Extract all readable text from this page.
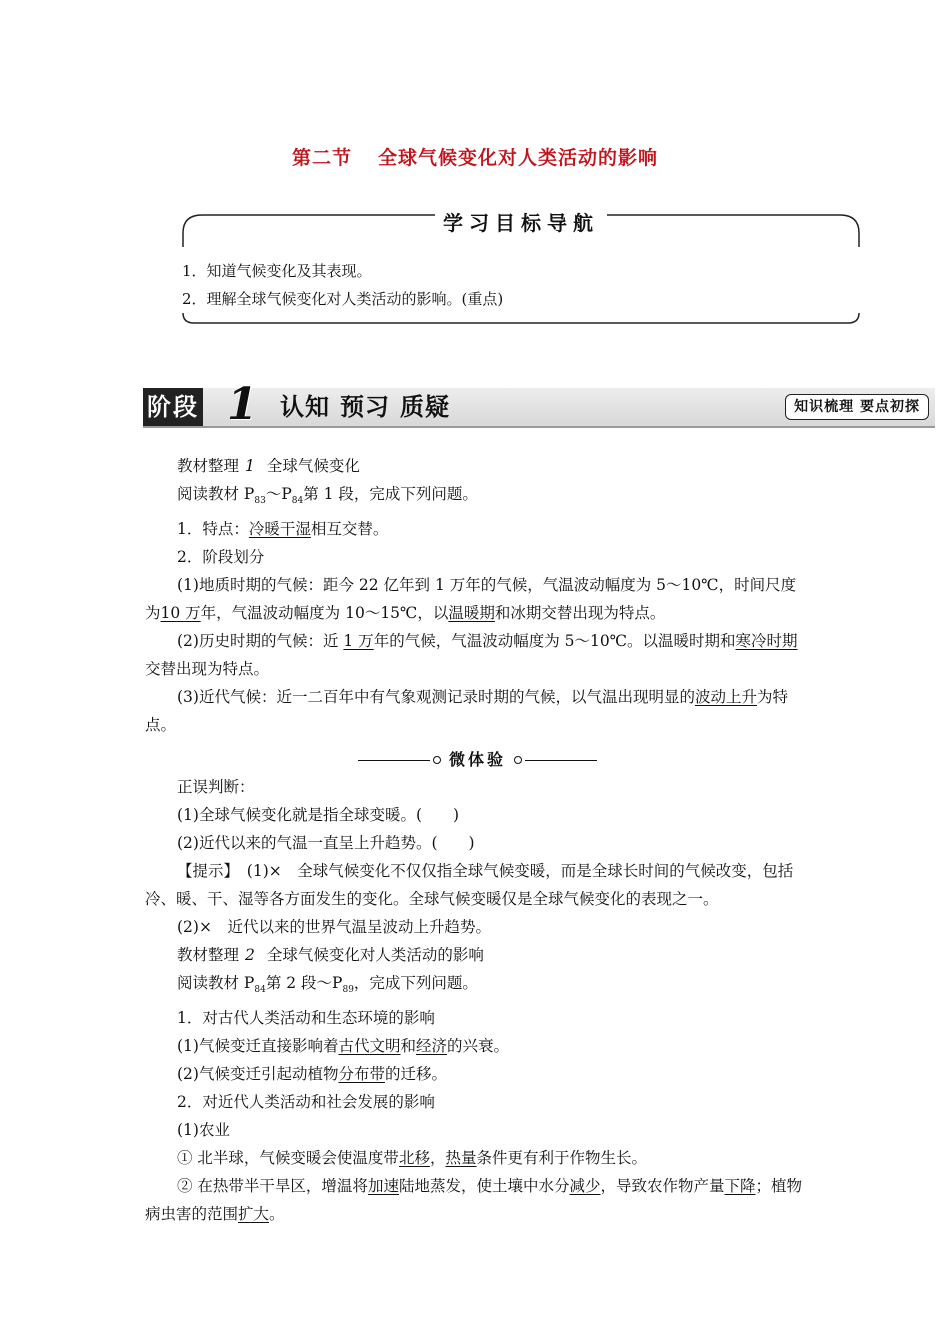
第二节 全球气候变化对人类活动的影响
学习目标导航
1．知道气候变化及其表现。
2．理解全球气候变化对人类活动的影响。(重点)
阶段 1 认知 预习 质疑	知识梳理 要点初探
教材整理 1 全球气候变化
阅读教材 $P_{83}\sim P_{84}$第 1 段，完成下列问题。
1．特点：冷暖干湿相互交替。
2．阶段划分
(1)地质时期的气候：距今 22 亿年到 1 万年的气候，气温波动幅度为 5～10℃，时间尺度为10 万年，气温波动幅度为 10～15℃，以温暖期和冰期交替出现为特点。
(2)历史时期的气候：近 1 万年的气候，气温波动幅度为 5～10℃。以温暖时期和寒冷时期交替出现为特点。
(3)近代气候：近一二百年中有气象观测记录时期的气候，以气温出现明显的波动上升为特点。
微体验
正误判断：
(1)全球气候变化就是指全球变暖。(　　)
(2)近代以来的气温一直呈上升趋势。(　　)
【提示】　 (1)×　全球气候变化不仅仅指全球气候变暖，而是全球长时间的气候改变，包括冷、暖、干、湿等各方面发生的变化。全球气候变暖仅是全球气候变化的表现之一。
(2)×　近代以来的世界气温呈波动上升趋势。
教材整理 2 全球气候变化对人类活动的影响
阅读教材 $P_{84}$第 2 段$\sim P_{89}$，完成下列问题。
1．对古代人类活动和生态环境的影响
(1)气候变迁直接影响着古代文明和经济的兴衰。
(2)气候变迁引起动植物分布带的迁移。
2．对近代人类活动和社会发展的影响
(1)农业
① 北半球，气候变暖会使温度带北移，热量条件更有利于作物生长。
② 在热带半干旱区，增温将加速陆地蒸发，使土壤中水分减少，导致农作物产量下降；植物病虫害的范围扩大。
